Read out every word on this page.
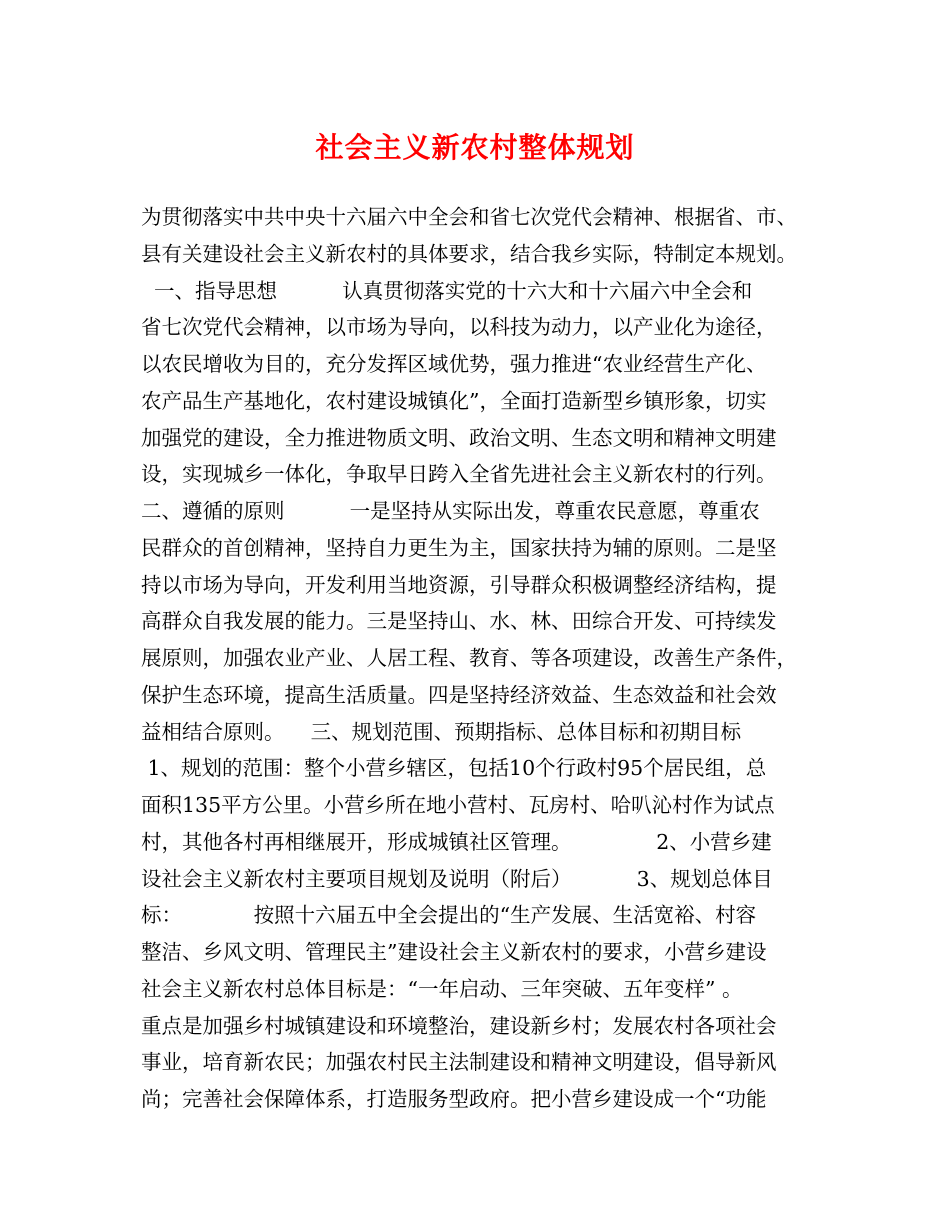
社会主义新农村整体规划
为贯彻落实中共中央十六届六中全会和省七次党代会精神、根据省、市、
县有关建设社会主义新农村的具体要求，结合我乡实际，特制定本规划。
一、指导思想          认真贯彻落实党的十六大和十六届六中全会和
省七次党代会精神，以市场为导向，以科技为动力，以产业化为途径，
以农民增收为目的，充分发挥区域优势，强力推进“农业经营生产化、
农产品生产基地化，农村建设城镇化”，全面打造新型乡镇形象，切实
加强党的建设，全力推进物质文明、政治文明、生态文明和精神文明建
设，实现城乡一体化，争取早日跨入全省先进社会主义新农村的行列。
二、遵循的原则          一是坚持从实际出发，尊重农民意愿，尊重农
民群众的首创精神，坚持自力更生为主，国家扶持为辅的原则。二是坚
持以市场为导向，开发利用当地资源，引导群众积极调整经济结构，提
高群众自我发展的能力。三是坚持山、水、林、田综合开发、可持续发
展原则，加强农业产业、人居工程、教育、等各项建设，改善生产条件，
保护生态环境，提高生活质量。四是坚持经济效益、生态效益和社会效
益相结合原则。    三、规划范围、预期指标、总体目标和初期目标
1、规划的范围：整个小营乡辖区，包括10个行政村95个居民组，总
面积135平方公里。小营乡所在地小营村、瓦房村、哈叭沁村作为试点
村，其他各村再相继展开，形成城镇社区管理。             2、小营乡建
设社会主义新农村主要项目规划及说明（附后）          3、规划总体目
标：           按照十六届五中全会提出的“生产发展、生活宽裕、村容
整洁、乡风文明、管理民主”建设社会主义新农村的要求，小营乡建设
社会主义新农村总体目标是：“一年启动、三年突破、五年变样” 。
重点是加强乡村城镇建设和环境整治，建设新乡村；发展农村各项社会
事业，培育新农民；加强农村民主法制建设和精神文明建设，倡导新风
尚；完善社会保障体系，打造服务型政府。把小营乡建设成一个“功能
